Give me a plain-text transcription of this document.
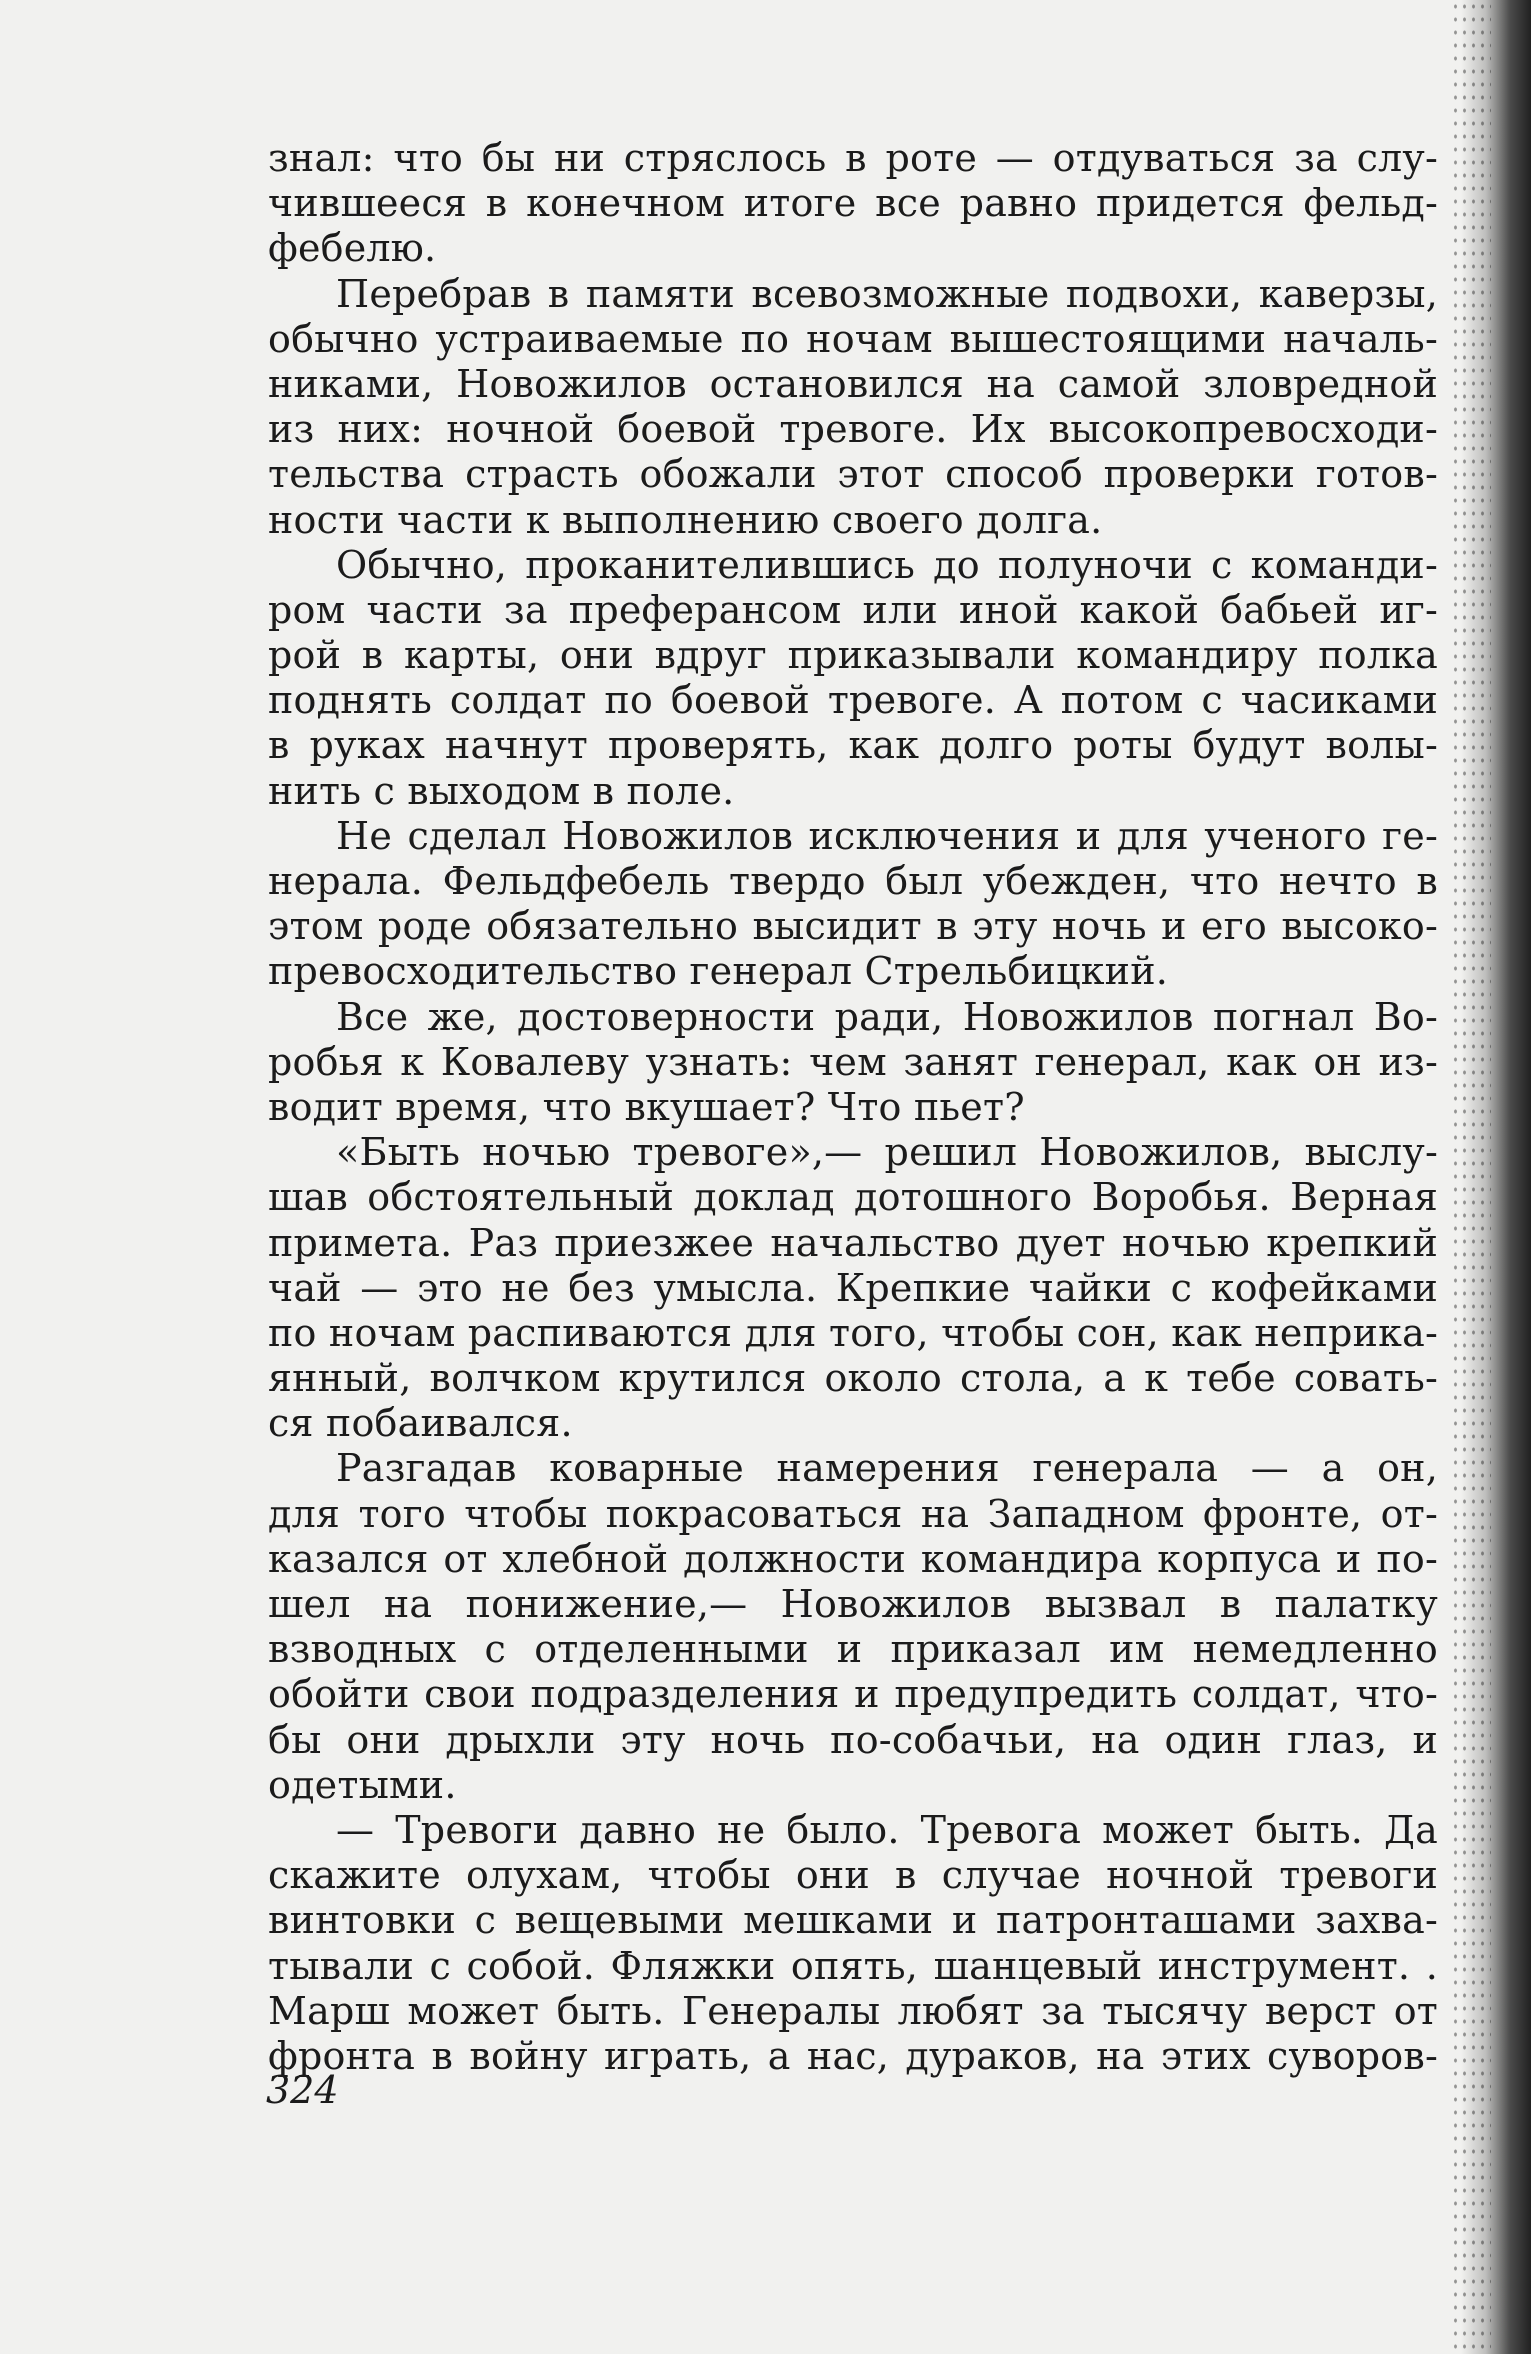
знал: что бы ни стряслось в роте — отдуваться за слу-
чившееся в конечном итоге все равно придется фельд-
фебелю.
Перебрав в памяти всевозможные подвохи, каверзы,
обычно устраиваемые по ночам вышестоящими началь-
никами, Новожилов остановился на самой зловредной
из них: ночной боевой тревоге. Их высокопревосходи-
тельства страсть обожали этот способ проверки готов-
ности части к выполнению своего долга.
Обычно, проканителившись до полуночи с команди-
ром части за преферансом или иной какой бабьей иг-
рой в карты, они вдруг приказывали командиру полка
поднять солдат по боевой тревоге. А потом с часиками
в руках начнут проверять, как долго роты будут волы-
нить с выходом в поле.
Не сделал Новожилов исключения и для ученого ге-
нерала. Фельдфебель твердо был убежден, что нечто в
этом роде обязательно высидит в эту ночь и его высоко-
превосходительство генерал Стрельбицкий.
Все же, достоверности ради, Новожилов погнал Во-
робья к Ковалеву узнать: чем занят генерал, как он из-
водит время, что вкушает? Что пьет?
«Быть ночью тревоге»,— решил Новожилов, выслу-
шав обстоятельный доклад дотошного Воробья. Верная
примета. Раз приезжее начальство дует ночью крепкий
чай — это не без умысла. Крепкие чайки с кофейками
по ночам распиваются для того, чтобы сон, как неприка-
янный, волчком крутился около стола, а к тебе совать-
ся побаивался.
Разгадав коварные намерения генерала — а он,
для того чтобы покрасоваться на Западном фронте, от-
казался от хлебной должности командира корпуса и по-
шел на понижение,— Новожилов вызвал в палатку
взводных с отделенными и приказал им немедленно
обойти свои подразделения и предупредить солдат, что-
бы они дрыхли эту ночь по-собачьи, на один глаз, и
одетыми.
— Тревоги давно не было. Тревога может быть. Да
скажите олухам, чтобы они в случае ночной тревоги
винтовки с вещевыми мешками и патронташами захва-
тывали с собой. Фляжки опять, шанцевый инструмент. .
Марш может быть. Генералы любят за тысячу верст от
фронта в войну играть, а нас, дураков, на этих суворов-
324
